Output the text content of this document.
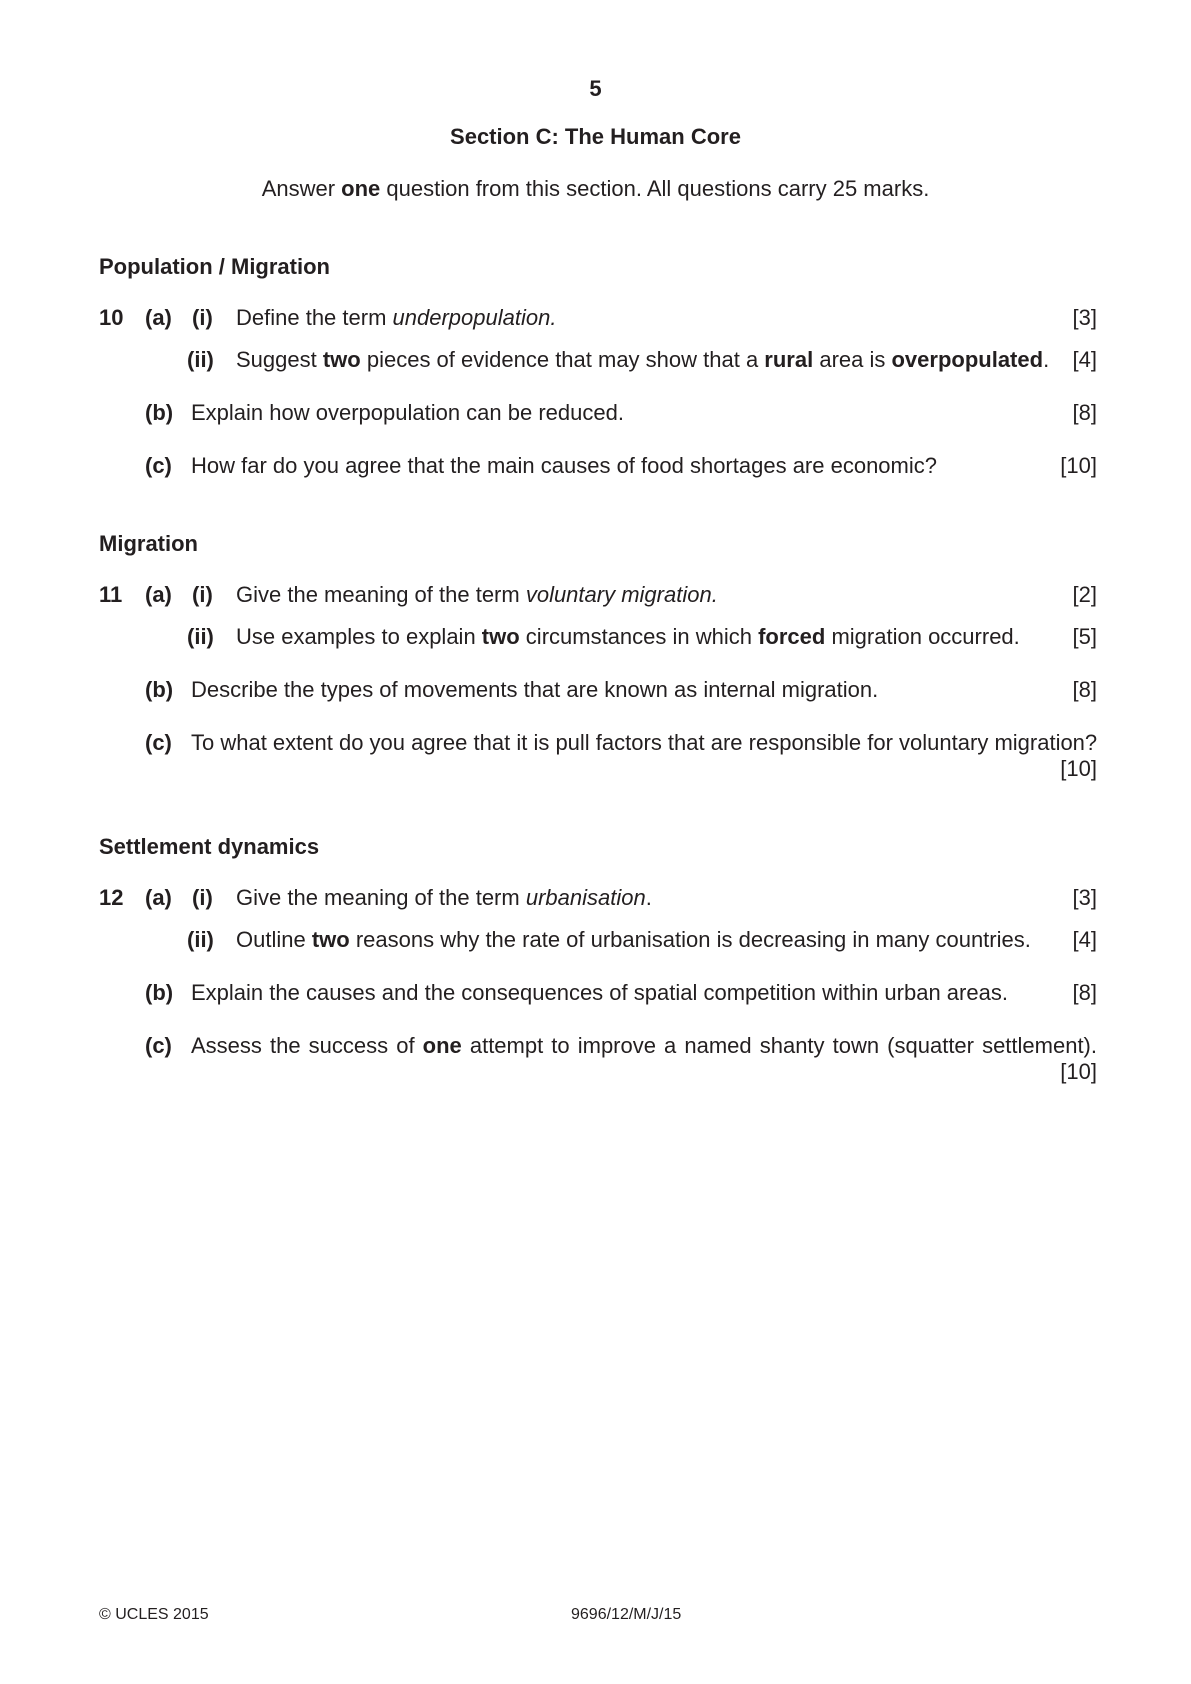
5
Section C: The Human Core
Answer one question from this section. All questions carry 25 marks.
Population / Migration
10 (a) (i) Define the term underpopulation.	[3]
(ii) Suggest two pieces of evidence that may show that a rural area is overpopulated. [4]
(b) Explain how overpopulation can be reduced.	[8]
(c) How far do you agree that the main causes of food shortages are economic?	[10]
Migration
11 (a) (i) Give the meaning of the term voluntary migration.	[2]
(ii) Use examples to explain two circumstances in which forced migration occurred. [5]
(b) Describe the types of movements that are known as internal migration.	[8]
(c) To what extent do you agree that it is pull factors that are responsible for voluntary migration?
[10]
Settlement dynamics
12 (a) (i) Give the meaning of the term urbanisation.	[3]
(ii) Outline two reasons why the rate of urbanisation is decreasing in many countries. [4]
(b) Explain the causes and the consequences of spatial competition within urban areas.	[8]
(c) Assess the success of one attempt to improve a named shanty town (squatter settlement).
[10]
© UCLES 2015	9696/12/M/J/15
